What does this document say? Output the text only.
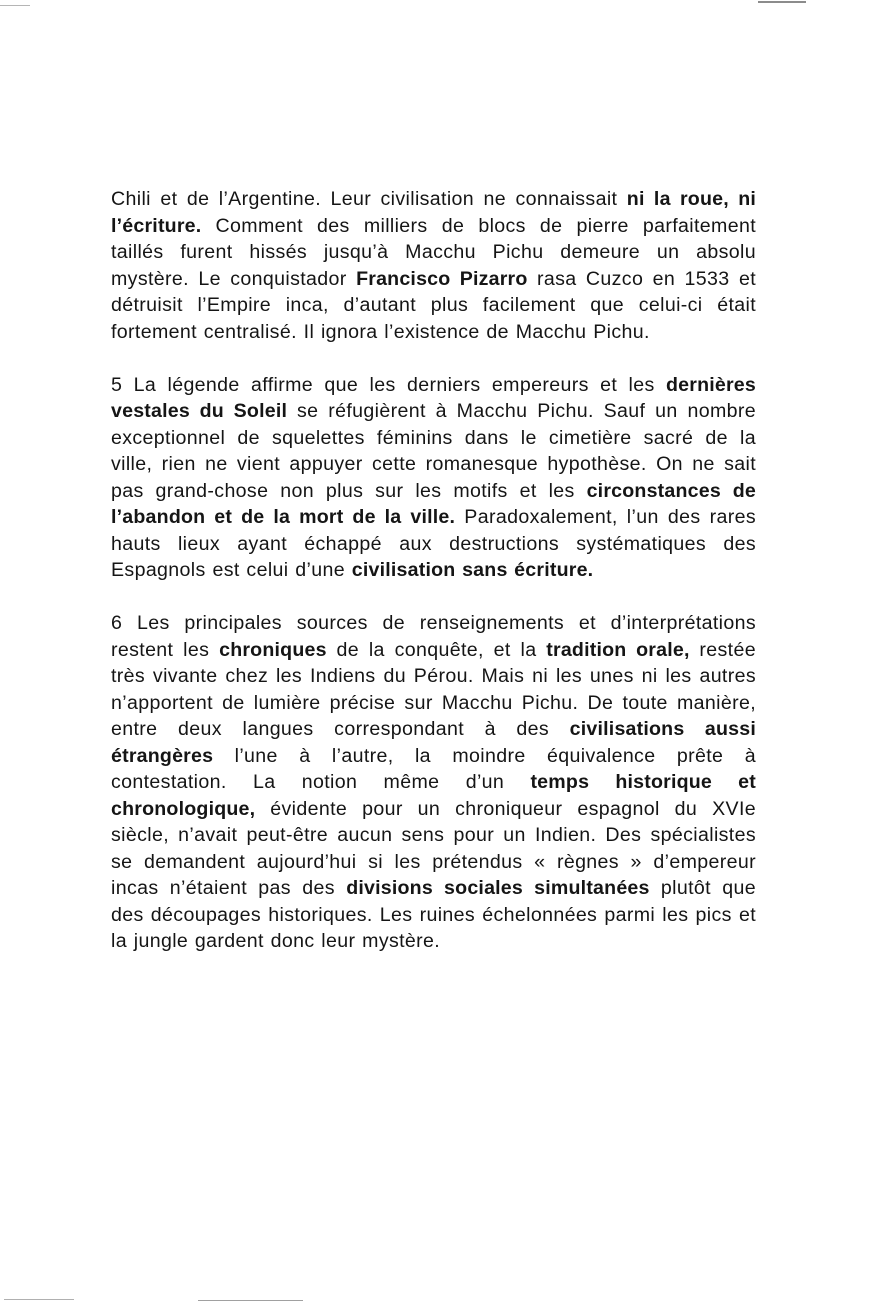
Chili et de l’Argentine. Leur civilisation ne connaissait ni la roue, ni l’écriture. Comment des milliers de blocs de pierre parfaitement taillés furent hissés jusqu’à Macchu Pichu demeure un absolu mystère. Le conquistador Francisco Pizarro rasa Cuzco en 1533 et détruisit l’Empire inca, d’autant plus facilement que celui-ci était fortement centralisé. Il ignora l’existence de Macchu Pichu.

5 La légende affirme que les derniers empereurs et les dernières vestales du Soleil se réfugièrent à Macchu Pichu. Sauf un nombre exceptionnel de squelettes féminins dans le cimetière sacré de la ville, rien ne vient appuyer cette romanesque hypothèse. On ne sait pas grand-chose non plus sur les motifs et les circonstances de l’abandon et de la mort de la ville. Paradoxalement, l’un des rares hauts lieux ayant échappé aux destructions systématiques des Espagnols est celui d’une civilisation sans écriture.

6 Les principales sources de renseignements et d’interprétations restent les chroniques de la conquête, et la tradition orale, restée très vivante chez les Indiens du Pérou. Mais ni les unes ni les autres n’apportent de lumière précise sur Macchu Pichu. De toute manière, entre deux langues correspondant à des civilisations aussi étrangères l’une à l’autre, la moindre équivalence prête à contestation. La notion même d’un temps historique et chronologique, évidente pour un chroniqueur espagnol du XVIe siècle, n’avait peut-être aucun sens pour un Indien. Des spécialistes se demandent aujourd’hui si les prétendus « règnes » d’empereur incas n’étaient pas des divisions sociales simultanées plutôt que des découpages historiques. Les ruines échelonnées parmi les pics et la jungle gardent donc leur mystère.
